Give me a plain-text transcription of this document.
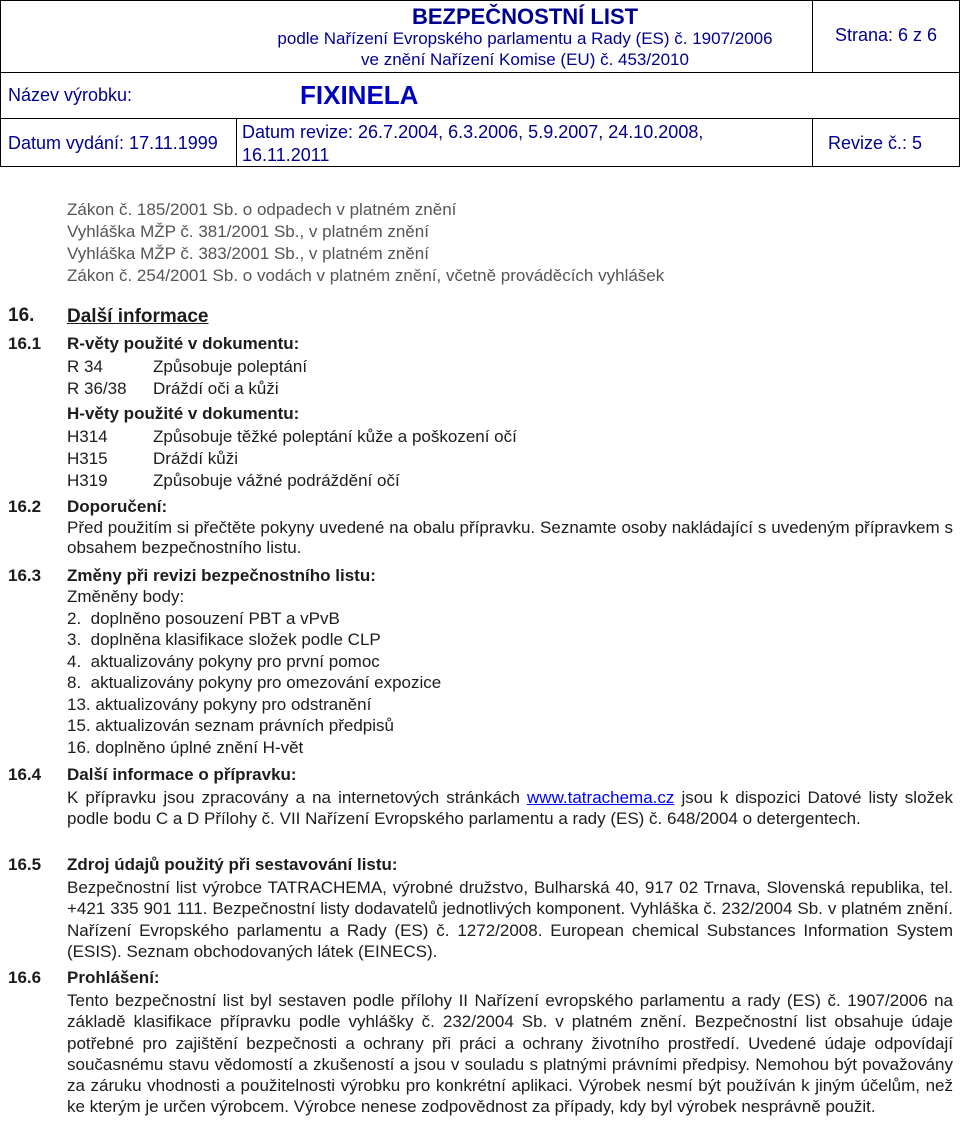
BEZPEČNOSTNÍ LIST
podle Nařízení Evropského parlamentu a Rady (ES) č. 1907/2006
ve znění Nařízení Komise (EU) č. 453/2010
Strana: 6 z 6
Název výrobku:	FIXINELA
Datum vydání: 17.11.1999
Datum revize: 26.7.2004, 6.3.2006, 5.9.2007, 24.10.2008,
16.11.2011
Revize č.: 5
Zákon č. 185/2001 Sb. o odpadech v platném znění
Vyhláška MŽP č. 381/2001 Sb., v platném znění
Vyhláška MŽP č. 383/2001 Sb., v platném znění
Zákon č. 254/2001 Sb. o vodách v platném znění, včetně prováděcích vyhlášek
16. Další informace
16.1 R-věty použité v dokumentu:
R 34	Způsobuje poleptání
R 36/38 Dráždí oči a kůži
H-věty použité v dokumentu:
H314	Způsobuje těžké poleptání kůže a poškození očí
H315	Dráždí kůži
H319	Způsobuje vážné podráždění očí
16.2 Doporučení:
Před použitím si přečtěte pokyny uvedené na obalu přípravku. Seznamte osoby nakládající s uvedeným přípravkem s obsahem bezpečnostního listu.
16.3 Změny při revizi bezpečnostního listu:
Změněny body:
2.  doplněno posouzení PBT a vPvB
3.  doplněna klasifikace složek podle CLP
4.  aktualizovány pokyny pro první pomoc
8.  aktualizovány pokyny pro omezování expozice
13. aktualizovány pokyny pro odstranění
15. aktualizován seznam právních předpisů
16. doplněno úplné znění H-vět
16.4 Další informace o přípravku:
K přípravku jsou zpracovány a na internetových stránkách www.tatrachema.cz jsou k dispozici Datové listy složek podle bodu C a D Přílohy č. VII Nařízení Evropského parlamentu a rady (ES) č. 648/2004 o detergentech.
16.5 Zdroj údajů použitý při sestavování listu:
Bezpečnostní list výrobce TATRACHEMA, výrobné družstvo, Bulharská 40, 917 02 Trnava, Slovenská republika, tel. +421 335 901 111. Bezpečnostní listy dodavatelů jednotlivých komponent. Vyhláška č. 232/2004 Sb. v platném znění. Nařízení Evropského parlamentu a Rady (ES) č. 1272/2008. European chemical Substances Information System (ESIS). Seznam obchodovaných látek (EINECS).
16.6 Prohlášení:
Tento bezpečnostní list byl sestaven podle přílohy II Nařízení evropského parlamentu a rady (ES) č. 1907/2006 na základě klasifikace přípravku podle vyhlášky č. 232/2004 Sb. v platném znění. Bezpečnostní list obsahuje údaje potřebné pro zajištění bezpečnosti a ochrany při práci a ochrany životního prostředí. Uvedené údaje odpovídají současnému stavu vědomostí a zkušeností a jsou v souladu s platnými právními předpisy. Nemohou být považovány za záruku vhodnosti a použitelnosti výrobku pro konkrétní aplikaci. Výrobek nesmí být používán k jiným účelům, než ke kterým je určen výrobcem. Výrobce nenese zodpovědnost za případy, kdy byl výrobek nesprávně použit.
